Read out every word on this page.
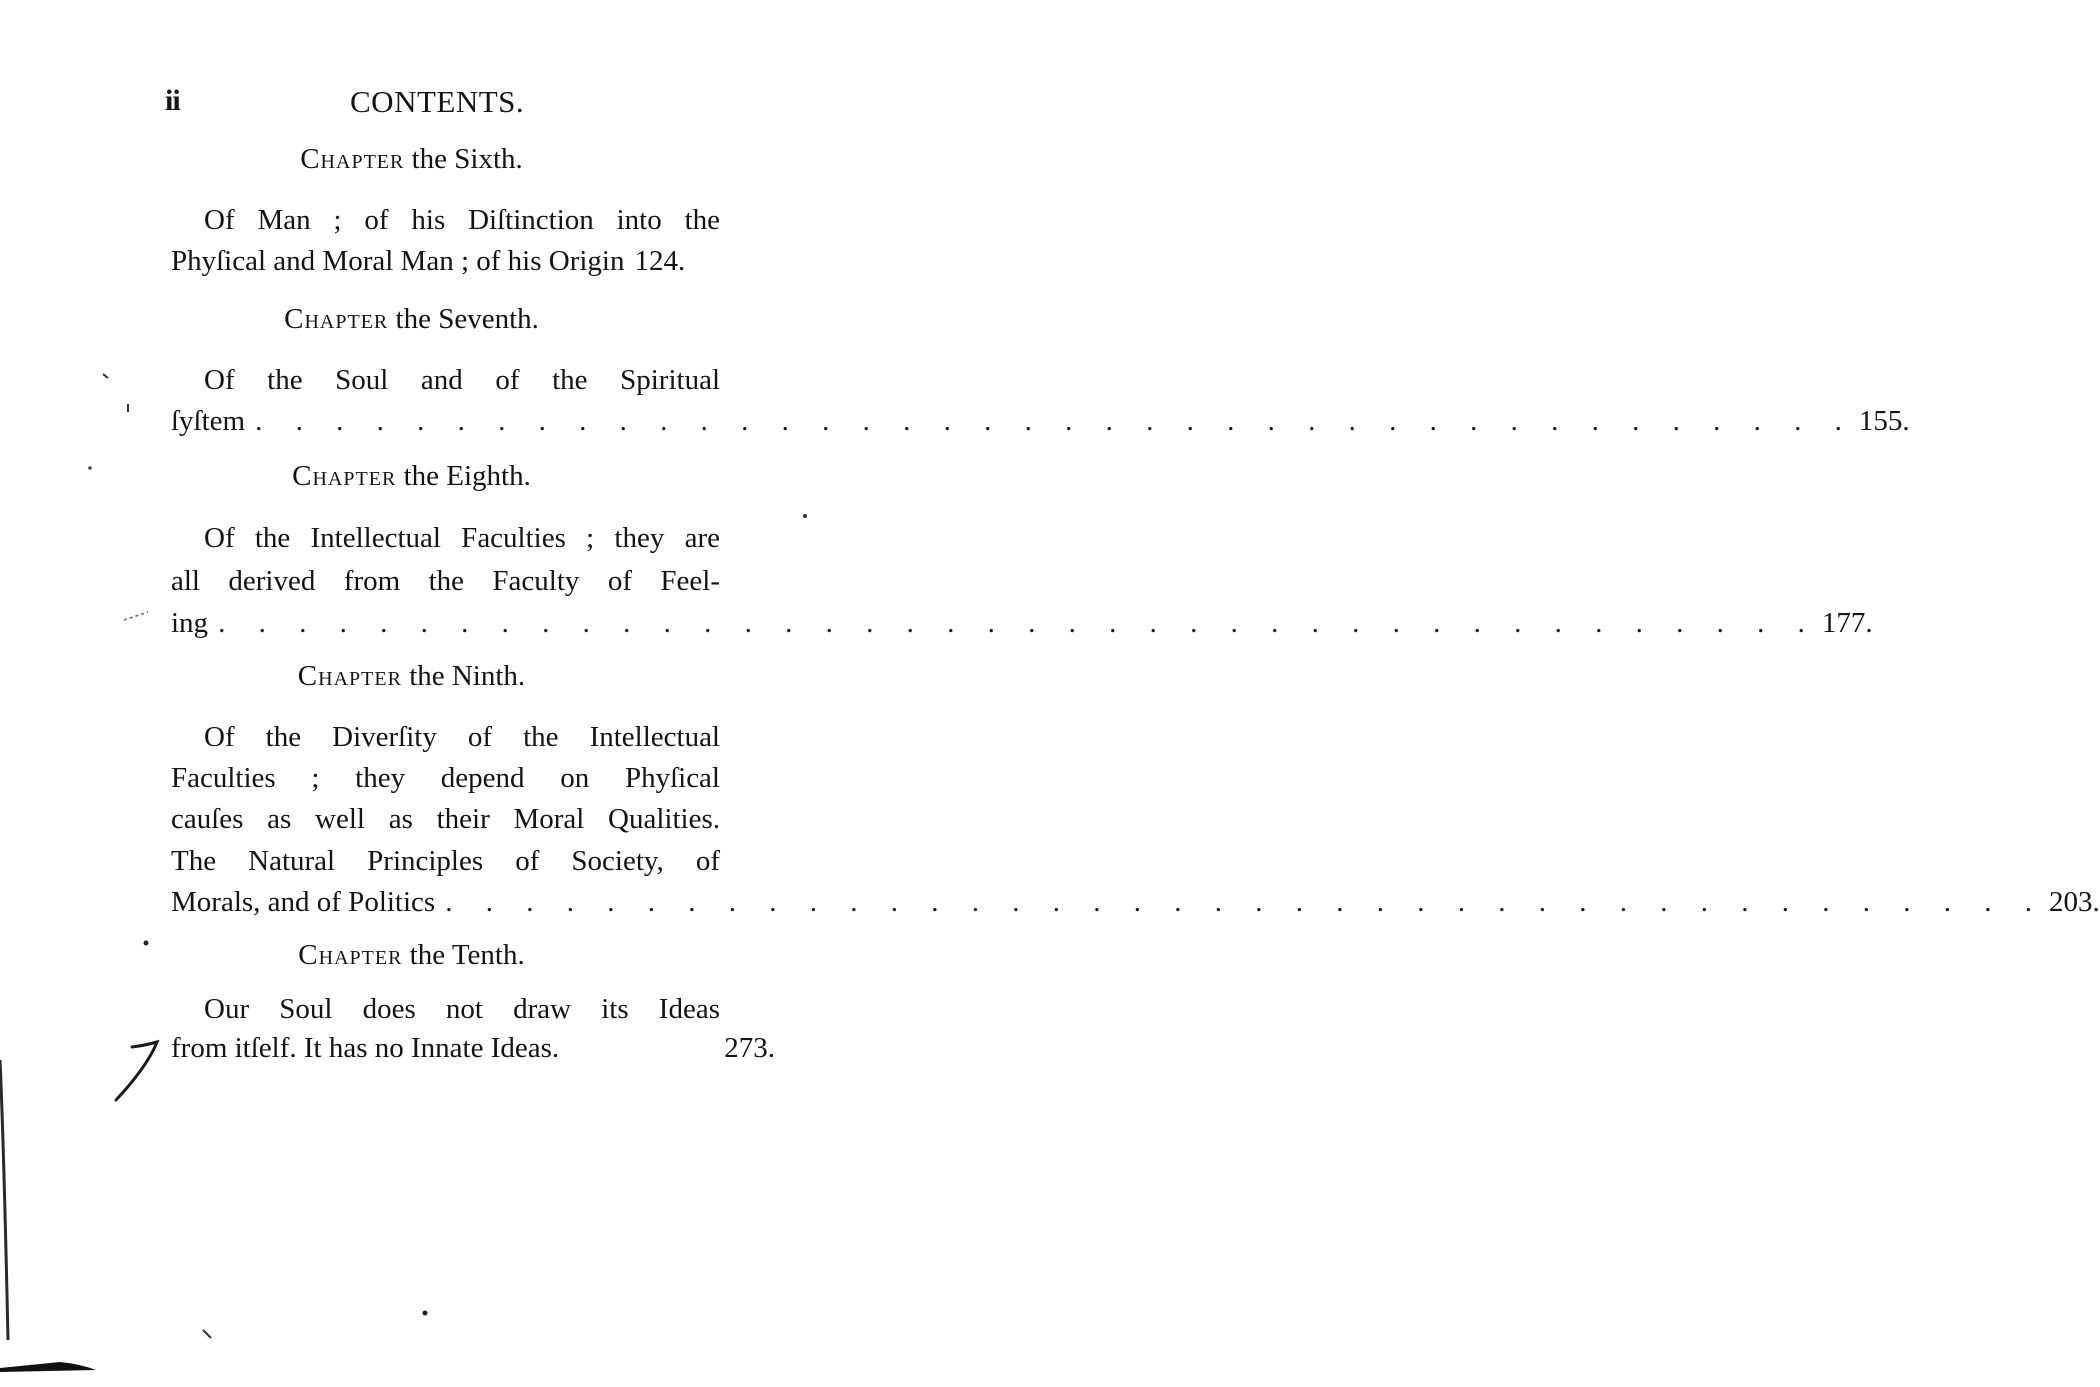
ii	CONTENTS.
Chapter the Sixth.
Of Man ; of his Diſtinction into the
Phyſical and Moral Man ; of his Origin 124.
Chapter the Seventh.
Of the Soul and of the Spiritual
ſyſtem . . . . . . . . . . . . . . . . . . . . . . . . . . . . . . . . . . . . . . . . 155.
Chapter the Eighth.
Of the Intellectual Faculties ; they are
all derived from the Faculty of Feel-
ing . . . . . . . . . . . . . . . . . . . . . . . . . . . . . . . . . . . . . . . . 177.
Chapter the Ninth.
Of the Diverſity of the Intellectual
Faculties ; they depend on Phyſical
cauſes as well as their Moral Qualities.
The Natural Principles of Society, of
Morals, and of Politics . . . . . . . . . . . . . . . . . . . . . . . . . . . . . . . . . . . . . . . . 203.
Chapter the Tenth.
Our Soul does not draw its Ideas
from itſelf. It has no Innate Ideas.	273.
